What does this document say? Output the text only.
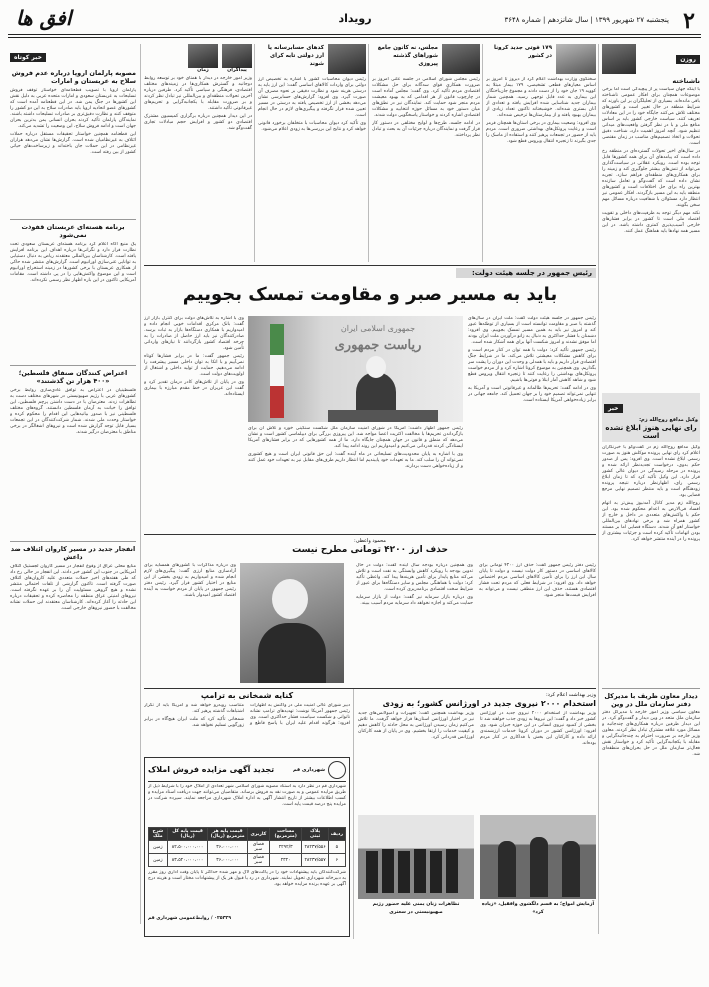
۲
پنجشنبه ۲۷ شهریور ۱۳۹۹ | سال شانزدهم | شماره ۳۶۴۸
رویداد
افق ها
خبر کوتاه
مصوبه پارلمان اروپا درباره عدم فروش سلاح به عربستان و امارات

پارلمان اروپا با تصویب قطعنامه‌ای خواستار توقف فروش تسلیحات به عربستان سعودی و امارات متحده عربی به دلیل نقش این کشورها در جنگ یمن شد. در این قطعنامه آمده است که کشورهای عضو اتحادیه اروپا باید صادرات سلاح به این دو کشور را متوقف کنند و نظارت دقیق‌تری بر صادرات تسلیحات داشته باشند. نمایندگان پارلمان تأکید کردند بحران انسانی یمن بدترین بحران جهان است و ادامه فروش سلاح، این وضعیت را تشدید می‌کند.

این قطعنامه همچنین خواستار تحقیقات مستقل درباره حملات ائتلاف به غیرنظامیان شده است. گزارش‌ها نشان می‌دهد هزاران غیرنظامی در این حملات جان باخته‌اند و زیرساخت‌های حیاتی کشور از بین رفته است.

برنامه هسته‌ای عربستان قفوذت نمی‌شود

یک منبع آگاه اعلام کرد برنامه هسته‌ای عربستان سعودی تحت نظارت قرار دارد و نگرانی‌ها درباره اهداف این برنامه افزایش یافته است. کارشناسان بین‌المللی معتقدند ریاض به دنبال دستیابی به توانایی غنی‌سازی اورانیوم است. گزارش‌های منتشر شده حاکی از همکاری عربستان با برخی کشورها در زمینه استخراج اورانیوم است و این موضوع واکنش‌هایی را در پی داشته است. مقامات آمریکایی تاکنون در این باره اظهار نظر رسمی نکرده‌اند.

اعتراض کنندگان صنفاق فلسطین؛ «۴۰۰ هزار تن گذشتند»

فلسطینیان در اعتراض به توافق عادی‌سازی روابط برخی کشورهای عربی با رژیم صهیونیستی در شهرهای مختلف دست به تظاهرات زدند. معترضان با در دست داشتن پرچم فلسطین، این توافق را خیانت به آرمان فلسطین دانستند. گروه‌های مختلف فلسطینی نیز با صدور بیانیه‌هایی این اقدام را محکوم کرده و خواستار وحدت ملی شدند. شمار شرکت‌کنندگان در این تجمعات بسیار قابل توجه گزارش شده است و نیروهای اشغالگر در برخی مناطق با معترضان درگیر شدند.

انفجار جدید در مسیر کاروان ائتلاف ضد داعش

منابع محلی عراق از وقوع انفجار در مسیر کاروان لجستیک ائتلاف آمریکایی در جنوب این کشور خبر دادند. این انفجار در حالی رخ داد که طی هفته‌های اخیر حملات متعددی علیه کاروان‌های ائتلاف صورت گرفته است. تاکنون گزارشی از تلفات احتمالی منتشر نشده و هیچ گروهی مسئولیت آن را بر عهده نگرفته است. نیروهای امنیتی عراق منطقه را محاصره کرده و تحقیقات درباره این حادثه را آغاز کرده‌اند. کارشناسان معتقدند این حملات نشانه مخالفت با حضور نیروهای خارجی است.

روزن
ناشناخته

با اینکه جهان سیاست پر از پیچیدگی است اما برخی موضوعات همچنان برای افکار عمومی ناشناخته باقی مانده‌اند. بسیاری از تحلیلگران بر این باورند که شرایط منطقه در حال تغییر است و کشورهای مختلف تلاش می‌کنند جایگاه خود را در این معادلات تعریف کنند. سیاست خارجی کشور باید بر اساس منافع ملی و با در نظر گرفتن واقعیت‌های میدانی تنظیم شود. آنچه امروز اهمیت دارد، شناخت دقیق تحولات و اتخاذ تصمیم‌های مناسب در زمان مقتضی است.

در سال‌های اخیر تحولات گسترده‌ای در منطقه رخ داده است که پیامدهای آن برای همه کشورها قابل توجه بوده است. رویکرد عقلانی در سیاست‌گذاری می‌تواند از تنش‌های بیشتر جلوگیری کند و زمینه را برای همکاری‌های منطقه‌ای فراهم سازد. تجربه نشان داده است که گفت‌وگو و تعامل سازنده بهترین راه برای حل اختلافات است و کشورهای منطقه باید به این مسیر بازگردند. افکار عمومی نیز انتظار دارد مسئولان با شفافیت درباره مسائل مهم سخن بگویند.

نکته مهم دیگر توجه به ظرفیت‌های داخلی و تقویت اقتصاد ملی است تا کشور در برابر فشارهای خارجی آسیب‌پذیری کمتری داشته باشد. در این مسیر همه نهادها باید هماهنگ عمل کنند.

خبر
وکیل مدافع روح‌الله زم:
رای نهایی هنوز ابلاغ نشده است

وکیل مدافع روح‌الله زم در گفت‌وگو با خبرنگاران اعلام کرد رای نهایی پرونده موکلش هنوز به صورت رسمی ابلاغ نشده است. وی افزود: پس از صدور حکم بدوی، درخواست تجدیدنظر ارائه شده و پرونده در مرحله رسیدگی در دیوان عالی کشور قرار دارد. این وکیل تأکید کرد که تا زمان ابلاغ رسمی رای، اظهارنظر درباره نتیجه پرونده زودهنگام است و باید منتظر تصمیم نهایی مرجع قضایی بود.

روح‌الله زم مدیر کانال آمدنیوز پیش‌تر به اتهام افساد فی‌الارض به اعدام محکوم شده بود. این حکم با واکنش‌های متعددی در داخل و خارج از کشور همراه شد و برخی نهادهای بین‌المللی خواستار لغو آن شدند. دستگاه قضایی اما بر مستند بودن اتهامات تأکید کرده است و جزئیات بیشتری از پرونده را در آینده منتشر خواهد کرد.

دیدار معاون ظریف با مدیرکل دفتر سازمان ملل در وین

معاون سیاسی وزیر امور خارجه با مدیرکل دفتر سازمان ملل متحد در وین دیدار و گفت‌وگو کرد. در این دیدار طرفین درباره همکاری‌های چندجانبه و مسائل مورد علاقه مشترک تبادل نظر کردند. معاون وزیر خارجه بر ضرورت احترام به چندجانبه‌گرایی و مقابله با یکجانبه‌گرایی تأکید کرد و خواستار نقش فعال‌تر سازمان ملل در حل بحران‌های منطقه‌ای شد.

۱۷۹ فوتی جدید کرونا در کشور

سخنگوی وزارت بهداشت اعلام کرد از دیروز تا امروز بر اساس معیارهای قطعی تشخیصی، ۱۷۹ بیمار مبتلا به کووید ۱۹ جان خود را از دست دادند و مجموع جان‌باختگان این بیماری به عدد قابل توجهی رسید. همچنین شمار بیماران جدید شناسایی شده افزایش یافته و تعدادی از آنان بستری شده‌اند. خوشبختانه تاکنون تعداد زیادی از بیماران بهبود یافته و از بیمارستان‌ها ترخیص شده‌اند.

وی افزود: وضعیت بیماری در برخی استان‌ها همچنان قرمز است و رعایت پروتکل‌های بهداشتی ضروری است. مردم باید از حضور در تجمعات پرهیز کنند و استفاده از ماسک را جدی بگیرند تا زنجیره انتقال ویروس قطع شود.

مجلس، نه کانون جامع شوراهای گذشته پیروزی

رئیس مجلس شورای اسلامی در جلسه علنی امروز بر ضرورت همکاری قوای سه‌گانه برای حل مشکلات اقتصادی مردم تأکید کرد. وی گفت: مجلس آماده است در چارچوب قانون از هر اقدامی که به بهبود معیشت مردم منجر شود حمایت کند. نمایندگان نیز در نطق‌های میان دستور خود به مسائل حوزه انتخابیه و مشکلات اقتصادی اشاره کردند و خواستار پاسخگویی دولت شدند.

در ادامه جلسه، طرح‌ها و لوایح مختلفی در دستور کار قرار گرفت و نمایندگان درباره جزئیات آن به بحث و تبادل نظر پرداختند.

کدهای حسابرسانه یا ارز دولتی تابه کرای شوند

رئیس دیوان محاسبات کشور با اشاره به تخصیص ارز دولتی برای واردات کالاهای اساسی گفت: این ارز باید به درستی هزینه شود و نظارت دقیقی بر نحوه مصرف آن صورت گیرد. وی افزود: گزارش‌های حسابرسی نشان می‌دهد بخشی از ارز تخصیص یافته به درستی در مسیر تعیین شده قرار نگرفته و پیگیری‌های لازم در حال انجام است.

وی تأکید کرد دیوان محاسبات با متخلفان برخورد قانونی خواهد کرد و نتایج این بررسی‌ها به زودی اعلام می‌شود.

زمان	پیداگران

وزیر امور خارجه در دیدار با همتای خود بر توسعه روابط دوجانبه و گسترش همکاری‌ها در زمینه‌های مختلف اقتصادی، فرهنگی و سیاسی تأکید کرد. طرفین درباره آخرین تحولات منطقه‌ای و بین‌المللی نیز تبادل نظر کردند و بر ضرورت مقابله با یکجانبه‌گرایی و تحریم‌های غیرقانونی تأکید داشتند.

در این دیدار همچنین درباره برگزاری کمیسیون مشترک اقتصادی دو کشور و افزایش حجم مبادلات تجاری گفت‌وگو شد.

رئیس جمهور در جلسه هیئت دولت:
باید به مسیر صبر و مقاومت تمسک بجوییم
جمهوری اسلامی ایران
ریاست جمهوری

رئیس جمهور در جلسه هیئت دولت گفت: ملت ایران در سال‌های گذشته با صبر و مقاومت توانسته است از بسیاری از توطئه‌ها عبور کند و امروز نیز باید به همین مسیر تمسک بجوییم. وی افزود: دشمنان با فشار حداکثری به دنبال به زانو درآوردن ملت ایران بودند اما موفق نشدند و امروز شکست آنها برای همه آشکار شده است.

رئیس جمهور تأکید کرد: دولت با همه توان در کنار مردم است و برای کاهش مشکلات معیشتی تلاش می‌کند. ما در شرایط جنگ اقتصادی قرار داریم و باید با همدلی و وحدت این دوران را پشت سر بگذاریم. وی همچنین به موضوع کرونا اشاره کرد و از مردم خواست پروتکل‌های بهداشتی را رعایت کنند تا زنجیره انتقال ویروس قطع شود و شاهد کاهش آمار ابتلا و فوتی‌ها باشیم.

وی در ادامه گفت: تحریم‌ها ظالمانه و غیرقانونی است و آمریکا به تنهایی نمی‌تواند تصمیم خود را بر جهان تحمیل کند. جامعه جهانی در برابر زیاده‌خواهی آمریکا ایستاده است.

وی با اشاره به تلاش‌های دولت برای کنترل بازار ارز گفت: بانک مرکزی اقدامات خوبی انجام داده و امیدواریم با همکاری دستگاه‌ها بازار به ثبات برسد. صادرکنندگان نیز باید ارز حاصل از صادرات را به چرخه اقتصاد کشور بازگردانند تا نیازهای وارداتی تأمین شود.

رئیس جمهور گفت: ما در برابر فشارها کوتاه نمی‌آییم و با اتکا به توان داخلی مسیر پیشرفت را ادامه می‌دهیم. حمایت از تولید داخلی و اشتغال از اولویت‌های دولت است.

وی در پایان از تلاش‌های کادر درمان تقدیر کرد و گفت این عزیزان در خط مقدم مبارزه با بیماری ایستاده‌اند.

رئیس جمهور اظهار داشت: آمریکا در شورای امنیت سازمان ملل شکست سنگینی خورد و تلاش آن برای بازگرداندن تحریم‌ها با مخالفت اکثریت اعضا مواجه شد. این پیروزی بزرگی برای دیپلماسی کشور است و نشان می‌دهد که منطق و قانون در جهان همچنان جایگاه دارد. ما از همه کشورهایی که در برابر فشارهای آمریکا ایستادگی کردند قدردانی می‌کنیم و امیدواریم این روند ادامه پیدا کند.

وی با اشاره به پایان محدودیت‌های تسلیحاتی در ماه آینده گفت: این حق قانونی ایران است و هیچ کشوری نمی‌تواند آن را سلب کند. ما به تعهدات خود پایبندیم اما انتظار داریم طرف‌های مقابل نیز به تعهدات خود عمل کنند و از زیاده‌خواهی دست بردارند.

محمود واعظی:
حذف ارز ۴۲۰۰ تومانی مطرح نیست

رئیس دفتر رئیس جمهور گفت: حذف ارز ۴۲۰۰ تومانی برای کالاهای اساسی در دستور کار دولت نیست و دولت تا پایان سال این ارز را برای تأمین کالاهای اساسی مردم اختصاص خواهد داد. وی افزود: در شرایط فعلی که مردم تحت فشار اقتصادی هستند، حذف این ارز منطقی نیست و می‌تواند به افزایش قیمت‌ها منجر شود.

وی همچنین درباره بودجه سال آینده گفت: دولت در حال تدوین بودجه با رویکرد کاهش وابستگی به نفت است و تلاش می‌کند منابع پایدار برای تأمین هزینه‌ها پیدا کند. واعظی تأکید کرد: دولت با هماهنگی مجلس و سایر دستگاه‌ها برای عبور از شرایط سخت اقتصادی برنامه‌ریزی کرده است.

وی درباره بازار سرمایه نیز گفت: دولت از بازار سرمایه حمایت می‌کند و اجازه نخواهد داد سرمایه مردم آسیب ببیند.

وی درباره مذاکرات با کشورهای همسایه برای آزادسازی منابع ارزی گفت: پیگیری‌های لازم انجام شده و امیدواریم به زودی بخشی از این منابع در اختیار کشور قرار گیرد. رئیس دفتر رئیس جمهور در پایان از مردم خواست به آینده اقتصاد کشور امیدوار باشند.

وزیر بهداشت اعلام کرد:
استخدام ۲۰۰۰ نیروی جدید در اورژانس کشور؛ به زودی

وزیر بهداشت از استخدام ۲۰۰۰ نیروی جدید در اورژانس کشور خبر داد و گفت: این نیروها به زودی جذب خواهند شد تا بخشی از کمبود نیروی انسانی در این حوزه جبران شود. وی افزود: اورژانس کشور در دوران کرونا خدمات ارزشمندی ارائه داده و کارکنان این بخش با فداکاری در کنار مردم بوده‌اند.

وزیر بهداشت همچنین گفت: تجهیزات و آمبولانس‌های جدید نیز در اختیار اورژانس استان‌ها قرار خواهد گرفت. ما تلاش می‌کنیم زمان رسیدن اورژانس به محل حادثه را کاهش دهیم و کیفیت خدمات را ارتقا بخشیم. وی در پایان از همه کارکنان اورژانس قدردانی کرد.

تظاهرات زنان یمنی علیه حضور رژیم صهیونیستی در سعتری
آزمایش امواج؛ به قسم دلگشوی وافقیل، «زیاده‌ کرد»
کنایه شمخانی به ترامپ

دبیر شورای عالی امنیت ملی در واکنش به اظهارات رئیس جمهور آمریکا نوشت: تهدیدهای ترامپ نشانه ناتوانی و شکست سیاست فشار حداکثری است. وی افزود: هرگونه اقدام علیه ایران با پاسخ قاطع و متناسب روبه‌رو خواهد شد و آمریکا باید از تکرار اشتباهات گذشته پرهیز کند.

شمخانی تأکید کرد که ملت ایران هیچ‌گاه در برابر زورگویی تسلیم نخواهد شد.

تجدید آگهی مزایده فروش املاک	شهرداری قم

شهرداری قم در نظر دارد به استناد مصوبه شورای اسلامی شهر تعدادی از املاک خود را با شرایط ذیل از طریق مزایده عمومی و به صورت نقد به فروش برساند. متقاضیان می‌توانند جهت دریافت اسناد مزایده و کسب اطلاعات بیشتر از تاریخ انتشار آگهی به اداره املاک شهرداری مراجعه نمایند. سپرده شرکت در مزایده پنج درصد قیمت پایه است.

ردیف	پلاک ثبتی	مساحت (مترمربع)	کاربری	قیمت پایه هر مترمربع (ریال)	قیمت پایه کل (ریال)	شرح ملک
۵	۲۸۲۳۷/۵۵۶	۲۲۹۲/۳	فضای سبز	۳۶،۰۰۰،۰۰۰	۸۲،۵۰۰،۰۰۰،۰۰۰	زمین
۶	۲۸۲۳۷/۵۵۷	۲۳۲۰	فضای سبز	۳۶،۰۰۰،۰۰۰	۸۳،۵۲۰،۰۰۰،۰۰۰	زمین

شرکت‌کنندگان باید پیشنهادات خود را در پاکت‌های لاک و مهر شده حداکثر تا پایان وقت اداری روز مقرر به دبیرخانه شهرداری تحویل نمایند. شهرداری در رد یا قبول هر یک از پیشنهادات مختار است و هزینه درج آگهی بر عهده برنده مزایده خواهد بود.

۰۲۵۳۲۹ / روابط‌عمومی شهرداری قم
